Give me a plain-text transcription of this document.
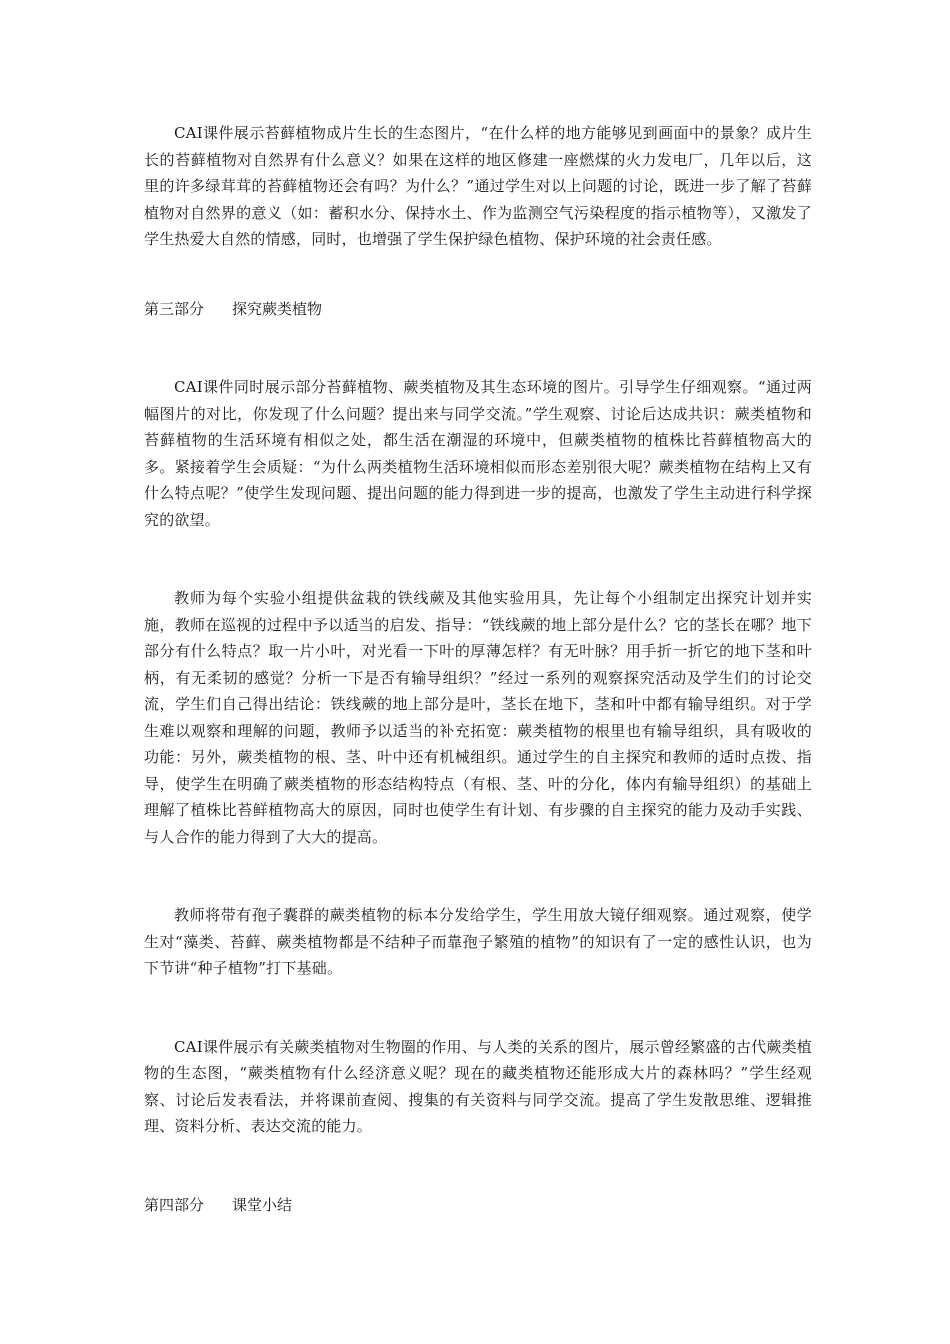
CAI课件展示苔藓植物成片生长的生态图片，“在什么样的地方能够见到画面中的景象？成片生长的苔藓植物对自然界有什么意义？如果在这样的地区修建一座燃煤的火力发电厂，几年以后，这里的许多绿茸茸的苔藓植物还会有吗？为什么？”通过学生对以上问题的讨论，既进一步了解了苔藓植物对自然界的意义（如：蓄积水分、保持水土、作为监测空气污染程度的指示植物等），又激发了学生热爱大自然的情感，同时，也增强了学生保护绿色植物、保护环境的社会责任感。

第三部分 探究蕨类植物

CAI课件同时展示部分苔藓植物、蕨类植物及其生态环境的图片。引导学生仔细观察。“通过两幅图片的对比，你发现了什么问题？提出来与同学交流。”学生观察、讨论后达成共识：蕨类植物和苔藓植物的生活环境有相似之处，都生活在潮湿的环境中，但蕨类植物的植株比苔藓植物高大的多。紧接着学生会质疑：“为什么两类植物生活环境相似而形态差别很大呢？蕨类植物在结构上又有什么特点呢？”使学生发现问题、提出问题的能力得到进一步的提高，也激发了学生主动进行科学探究的欲望。

教师为每个实验小组提供盆栽的铁线蕨及其他实验用具，先让每个小组制定出探究计划并实施，教师在巡视的过程中予以适当的启发、指导：“铁线蕨的地上部分是什么？它的茎长在哪？地下部分有什么特点？取一片小叶，对光看一下叶的厚薄怎样？有无叶脉？用手折一折它的地下茎和叶柄，有无柔韧的感觉？分析一下是否有输导组织？”经过一系列的观察探究活动及学生们的讨论交流，学生们自己得出结论：铁线蕨的地上部分是叶，茎长在地下，茎和叶中都有输导组织。对于学生难以观察和理解的问题，教师予以适当的补充拓宽：蕨类植物的根里也有输导组织，具有吸收的功能：另外，蕨类植物的根、茎、叶中还有机械组织。通过学生的自主探究和教师的适时点拨、指导，使学生在明确了蕨类植物的形态结构特点（有根、茎、叶的分化，体内有输导组织）的基础上理解了植株比苔鲜植物高大的原因，同时也使学生有计划、有步骤的自主探究的能力及动手实践、与人合作的能力得到了大大的提高。

教师将带有孢子囊群的蕨类植物的标本分发给学生，学生用放大镜仔细观察。通过观察，使学生对“藻类、苔藓、蕨类植物都是不结种子而靠孢子繁殖的植物”的知识有了一定的感性认识，也为下节讲“种子植物”打下基础。

CAI课件展示有关蕨类植物对生物圈的作用、与人类的关系的图片，展示曾经繁盛的古代蕨类植物的生态图，“蕨类植物有什么经济意义呢？现在的藏类植物还能形成大片的森林吗？”学生经观察、讨论后发表看法，并将课前查阅、搜集的有关资料与同学交流。提高了学生发散思维、逻辑推理、资料分析、表达交流的能力。

第四部分 课堂小结
